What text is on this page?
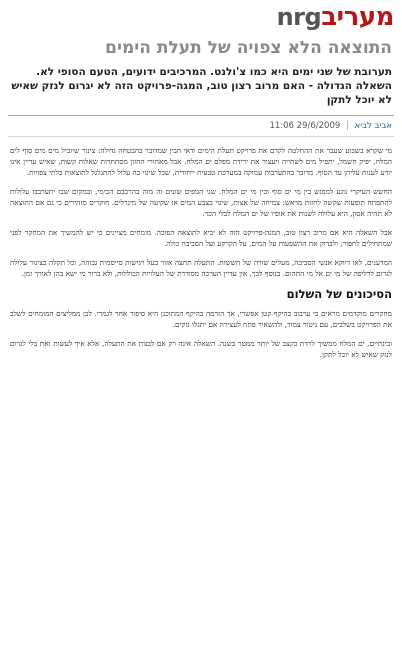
nrgמעריב
התוצאה הלא צפויה של תעלת הימים
תערובת של שני ימים היא כמו צ'ולנט. המרכיבים ידועים, הטעם הסופי לא. השאלה הגדולה - האם מרוב רצון טוב, המגה-פרויקט הזה לא יגרום לנזק שאיש לא יוכל לתקן
אביב לביא | 29/6/2009 11:06
מי שקרא בשבוע שעבר את ההחלטה לקדם את פרויקט תעלת הימים ודאי הבין שמדובר בהבטחה גדולה: צינור שיוביל מים מים סוף לים המלח, יפיק חשמל, יתפיל מים לשתייה ויעצור את ירידת מפלס ים המלח. אבל מאחורי החזון מסתתרות שאלות קשות, שאיש עדיין אינו יודע לענות עליהן עד הסוף. מדובר בהתערבות עמוקה במערכת טבעית ייחודית, שכל שינוי בה עלול להתגלגל לתוצאות בלתי צפויות.
החשש העיקרי נוגע למפגש בין מי ים סוף ובין מי ים המלח. שני הגופים שונים זה מזה בהרכבם הכימי, ובמקום שבו יתערבבו עלולות להתפתח תופעות שקשה לחזות מראש: צמיחה של אצות, שינוי בצבע המים או שקיעה של מינרלים. חוקרים מזהירים כי גם אם התוצאה לא תהיה אסון, היא עלולה לשנות את אופיו של ים המלח לבלי הכר.
אבל השאלה היא אם מרוב רצון טוב, המגה-פרויקט הזה לא יביא לתוצאה הפוכה. מומחים מציינים כי יש להמשיך את המחקר לפני שמתחילים לחפור, ולבדוק את ההשפעות על המים, על הקרקע ועל הסביבה כולה.
המדענים, לאו דווקא אנשי הסביבה, מעלים שורה של חששות. התעלה תחצה אזור בעל רגישות סייסמית גבוהה, וכל תקלה בצינור עלולה לגרום לדליפה של מי ים אל מי התהום. בנוסף לכך, אין עדיין הערכה מסודרת של העלויות הכוללות, ולא ברור מי ישא בהן לאורך זמן.
הסיכונים של השלום
מחקרים מוקדמים מראים כי ערבוב בהיקף קטן אפשרי, אך הזרמה בהיקף המתוכנן היא סיפור אחר לגמרי. לכן ממליצים המומחים לשלב את הפרויקט בשלבים, עם ניטור צמוד, ולהשאיר פתח לעצירה אם יתגלו נזקים.
ובינתיים, ים המלח ממשיך לרדת בקצב של יותר ממטר בשנה. השאלה אינה רק אם לבנות את התעלה, אלא איך לעשות זאת בלי לגרום לנזק שאיש לא יוכל לתקן.
